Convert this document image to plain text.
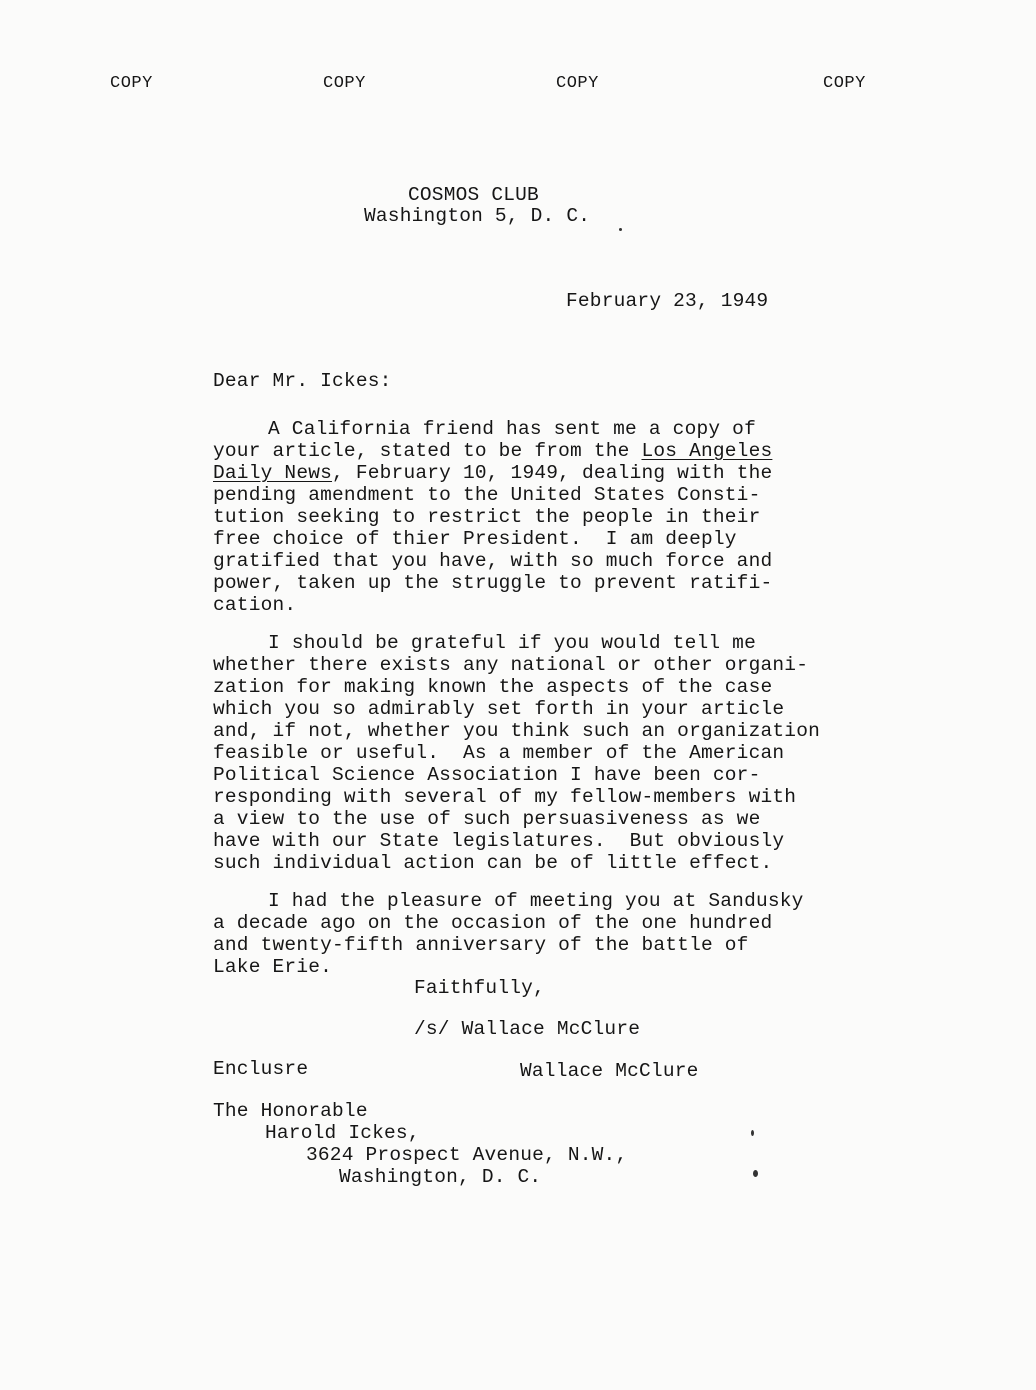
COPY	COPY	COPY	COPY
COSMOS CLUB
Washington 5, D. C.
February 23, 1949
Dear Mr. Ickes:
A California friend has sent me a copy of
your article, stated to be from the Los Angeles
Daily News, February 10, 1949, dealing with the
pending amendment to the United States Consti-
tution seeking to restrict the people in their
free choice of thier President.  I am deeply
gratified that you have, with so much force and
power, taken up the struggle to prevent ratifi-
cation.
I should be grateful if you would tell me
whether there exists any national or other organi-
zation for making known the aspects of the case
which you so admirably set forth in your article
and, if not, whether you think such an organization
feasible or useful.  As a member of the American
Political Science Association I have been cor-
responding with several of my fellow-members with
a view to the use of such persuasiveness as we
have with our State legislatures.  But obviously
such individual action can be of little effect.
I had the pleasure of meeting you at Sandusky
a decade ago on the occasion of the one hundred
and twenty-fifth anniversary of the battle of
Lake Erie.
Faithfully,
/s/ Wallace McClure
Enclusre	Wallace McClure
The Honorable
Harold Ickes,
3624 Prospect Avenue, N.W.,
Washington, D. C.
